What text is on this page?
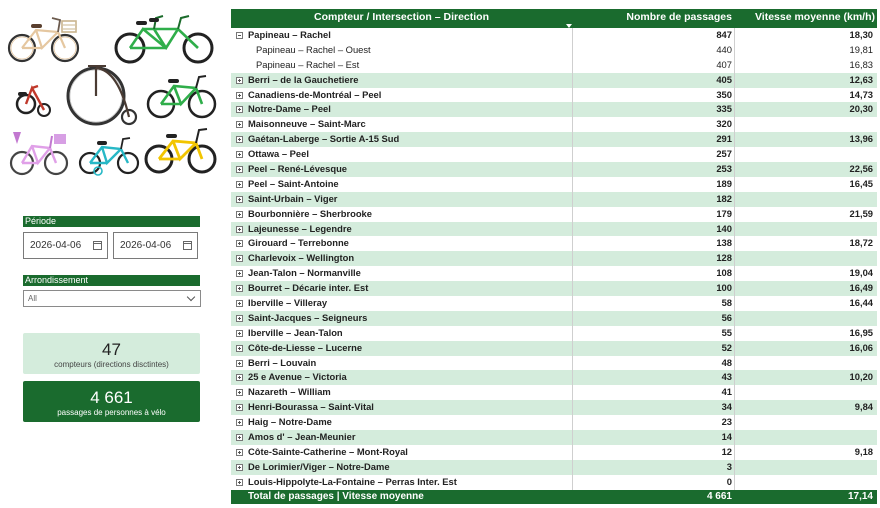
Période
2026-04-06	2026-04-06
Arrondissement
All
47
compteurs (directions disctintes)
4 661
passages de personnes à vélo
Compteur / Intersection – Direction	Nombre de passages	Vitesse moyenne (km/h)
Papineau – Rachel	847	18,30
Papineau – Rachel – Ouest	440	19,81
Papineau – Rachel – Est	407	16,83
Berri – de la Gauchetiere	405	12,63
Canadiens-de-Montréal – Peel	350	14,73
Notre-Dame – Peel	335	20,30
Maisonneuve – Saint-Marc	320
Gaétan-Laberge – Sortie A-15 Sud	291	13,96
Ottawa – Peel	257
Peel – René-Lévesque	253	22,56
Peel – Saint-Antoine	189	16,45
Saint-Urbain – Viger	182
Bourbonnière – Sherbrooke	179	21,59
Lajeunesse – Legendre	140
Girouard – Terrebonne	138	18,72
Charlevoix – Wellington	128
Jean-Talon – Normanville	108	19,04
Bourret – Décarie inter. Est	100	16,49
Iberville – Villeray	58	16,44
Saint-Jacques – Seigneurs	56
Iberville – Jean-Talon	55	16,95
Côte-de-Liesse – Lucerne	52	16,06
Berri – Louvain	48
25 e Avenue – Victoria	43	10,20
Nazareth – William	41
Henri-Bourassa – Saint-Vital	34	9,84
Haig – Notre-Dame	23
Amos d' – Jean-Meunier	14
Côte-Sainte-Catherine – Mont-Royal	12	9,18
De Lorimier/Viger – Notre-Dame	3
Louis-Hippolyte-La-Fontaine – Perras Inter. Est	0
Total de passages | Vitesse moyenne	4 661	17,14
